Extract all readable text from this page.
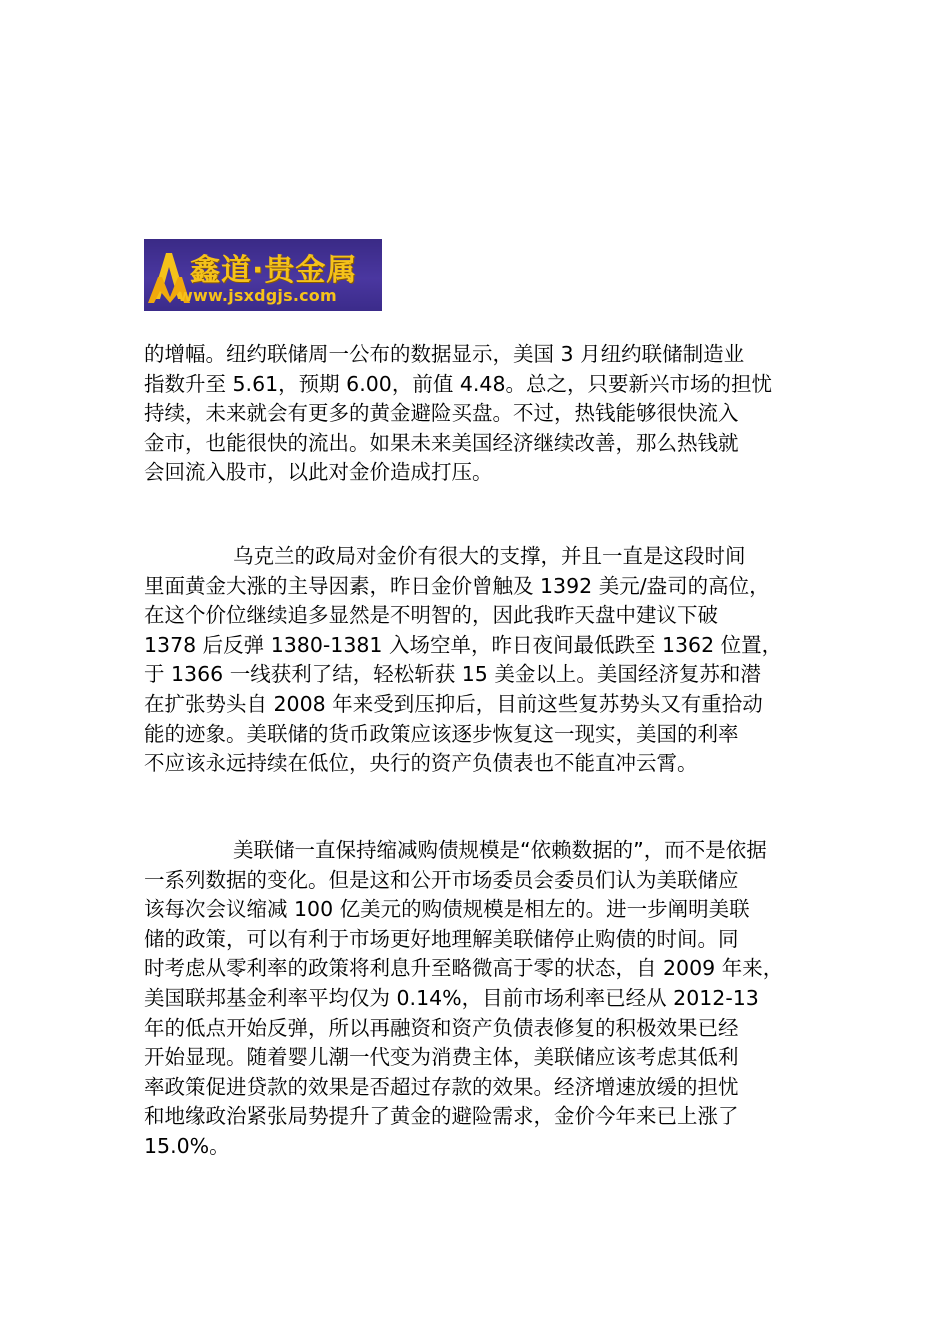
鑫道·贵金属
www.jsxdgjs.com

的增幅。纽约联储周一公布的数据显示，美国 3 月纽约联储制造业
指数升至 5.61，预期 6.00，前值 4.48。总之，只要新兴市场的担忧
持续，未来就会有更多的黄金避险买盘。不过，热钱能够很快流入
金市，也能很快的流出。如果未来美国经济继续改善，那么热钱就
会回流入股市，以此对金价造成打压。

乌克兰的政局对金价有很大的支撑，并且一直是这段时间
里面黄金大涨的主导因素，昨日金价曾触及 1392 美元/盎司的高位，
在这个价位继续追多显然是不明智的，因此我昨天盘中建议下破
1378 后反弹 1380-1381 入场空单，昨日夜间最低跌至 1362 位置，
于 1366 一线获利了结，轻松斩获 15 美金以上。美国经济复苏和潜
在扩张势头自 2008 年来受到压抑后，目前这些复苏势头又有重拾动
能的迹象。美联储的货币政策应该逐步恢复这一现实，美国的利率
不应该永远持续在低位，央行的资产负债表也不能直冲云霄。

美联储一直保持缩减购债规模是“依赖数据的”，而不是依据
一系列数据的变化。但是这和公开市场委员会委员们认为美联储应
该每次会议缩减 100 亿美元的购债规模是相左的。进一步阐明美联
储的政策，可以有利于市场更好地理解美联储停止购债的时间。同
时考虑从零利率的政策将利息升至略微高于零的状态，自 2009 年来，
美国联邦基金利率平均仅为 0.14%，目前市场利率已经从 2012-13
年的低点开始反弹，所以再融资和资产负债表修复的积极效果已经
开始显现。随着婴儿潮一代变为消费主体，美联储应该考虑其低利
率政策促进贷款的效果是否超过存款的效果。经济增速放缓的担忧
和地缘政治紧张局势提升了黄金的避险需求，金价今年来已上涨了
15.0%。
